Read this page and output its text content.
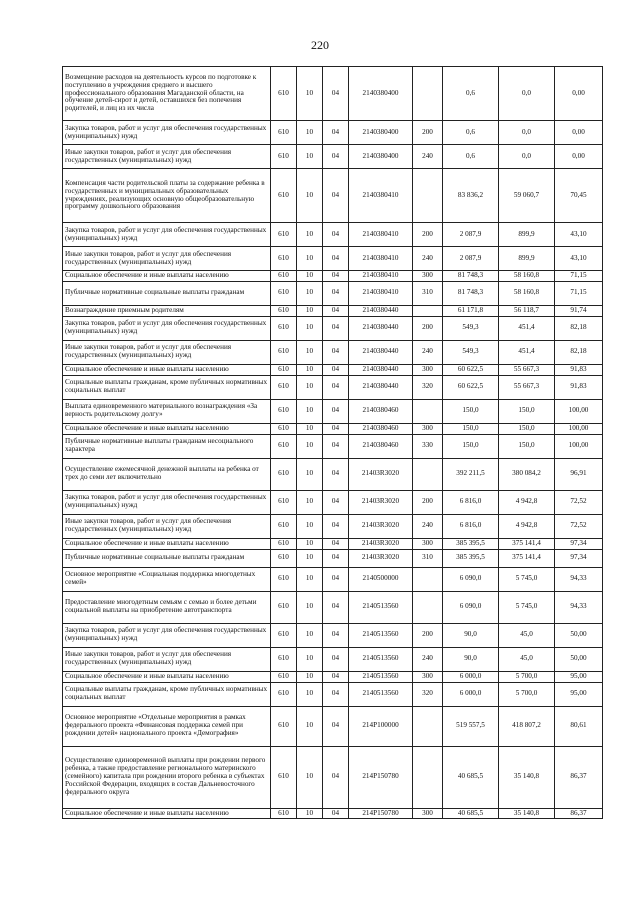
220
Возмещение расходов на деятельность курсов по подготовке к поступлению в учреждения среднего и высшего профессионального образования Магаданской области, на обучение детей-сирот и детей, оставшихся без попечения родителей, и лиц из их числа	610	10	04	2140380400		0,6	0,0	0,00
Закупка товаров, работ и услуг для обеспечения государственных (муниципальных) нужд	610	10	04	2140380400	200	0,6	0,0	0,00
Иные закупки товаров, работ и услуг для обеспечения государственных (муниципальных) нужд	610	10	04	2140380400	240	0,6	0,0	0,00
Компенсация части родительской платы за содержание ребенка в государственных и муниципальных образовательных учреждениях, реализующих основную общеобразовательную программу дошкольного образования	610	10	04	2140380410		83 836,2	59 060,7	70,45
Закупка товаров, работ и услуг для обеспечения государственных (муниципальных) нужд	610	10	04	2140380410	200	2 087,9	899,9	43,10
Иные закупки товаров, работ и услуг для обеспечения государственных (муниципальных) нужд	610	10	04	2140380410	240	2 087,9	899,9	43,10
Социальное обеспечение и иные выплаты населению	610	10	04	2140380410	300	81 748,3	58 160,8	71,15
Публичные нормативные социальные выплаты гражданам	610	10	04	2140380410	310	81 748,3	58 160,8	71,15
Вознаграждение приемным родителям	610	10	04	2140380440		61 171,8	56 118,7	91,74
Закупка товаров, работ и услуг для обеспечения государственных (муниципальных) нужд	610	10	04	2140380440	200	549,3	451,4	82,18
Иные закупки товаров, работ и услуг для обеспечения государственных (муниципальных) нужд	610	10	04	2140380440	240	549,3	451,4	82,18
Социальное обеспечение и иные выплаты населению	610	10	04	2140380440	300	60 622,5	55 667,3	91,83
Социальные выплаты гражданам, кроме публичных нормативных социальных выплат	610	10	04	2140380440	320	60 622,5	55 667,3	91,83
Выплата единовременного материального вознаграждения «За верность родительскому долгу»	610	10	04	2140380460		150,0	150,0	100,00
Социальное обеспечение и иные выплаты населению	610	10	04	2140380460	300	150,0	150,0	100,00
Публичные нормативные выплаты гражданам несоциального характера	610	10	04	2140380460	330	150,0	150,0	100,00
Осуществление ежемесячной денежной выплаты на ребенка от трех до семи лет включительно	610	10	04	21403R3020		392 211,5	380 084,2	96,91
Закупка товаров, работ и услуг для обеспечения государственных (муниципальных) нужд	610	10	04	21403R3020	200	6 816,0	4 942,8	72,52
Иные закупки товаров, работ и услуг для обеспечения государственных (муниципальных) нужд	610	10	04	21403R3020	240	6 816,0	4 942,8	72,52
Социальное обеспечение и иные выплаты населению	610	10	04	21403R3020	300	385 395,5	375 141,4	97,34
Публичные нормативные социальные выплаты гражданам	610	10	04	21403R3020	310	385 395,5	375 141,4	97,34
Основное мероприятие «Социальная поддержка многодетных семей»	610	10	04	2140500000		6 090,0	5 745,0	94,33
Предоставление многодетным семьям с семью и более детьми социальной выплаты на приобретение автотранспорта	610	10	04	2140513560		6 090,0	5 745,0	94,33
Закупка товаров, работ и услуг для обеспечения государственных (муниципальных) нужд	610	10	04	2140513560	200	90,0	45,0	50,00
Иные закупки товаров, работ и услуг для обеспечения государственных (муниципальных) нужд	610	10	04	2140513560	240	90,0	45,0	50,00
Социальное обеспечение и иные выплаты населению	610	10	04	2140513560	300	6 000,0	5 700,0	95,00
Социальные выплаты гражданам, кроме публичных нормативных социальных выплат	610	10	04	2140513560	320	6 000,0	5 700,0	95,00
Основное мероприятие «Отдельные мероприятия в рамках федерального проекта «Финансовая поддержка семей при рождении детей» национального проекта «Демография»	610	10	04	214P100000		519 557,5	418 807,2	80,61
Осуществление единовременной выплаты при рождении первого ребенка, а также предоставление регионального материнского (семейного) капитала при рождении второго ребенка в субъектах Российской Федерации, входящих в состав Дальневосточного федерального округа	610	10	04	214P150780		40 685,5	35 140,8	86,37
Социальное обеспечение и иные выплаты населению	610	10	04	214P150780	300	40 685,5	35 140,8	86,37
